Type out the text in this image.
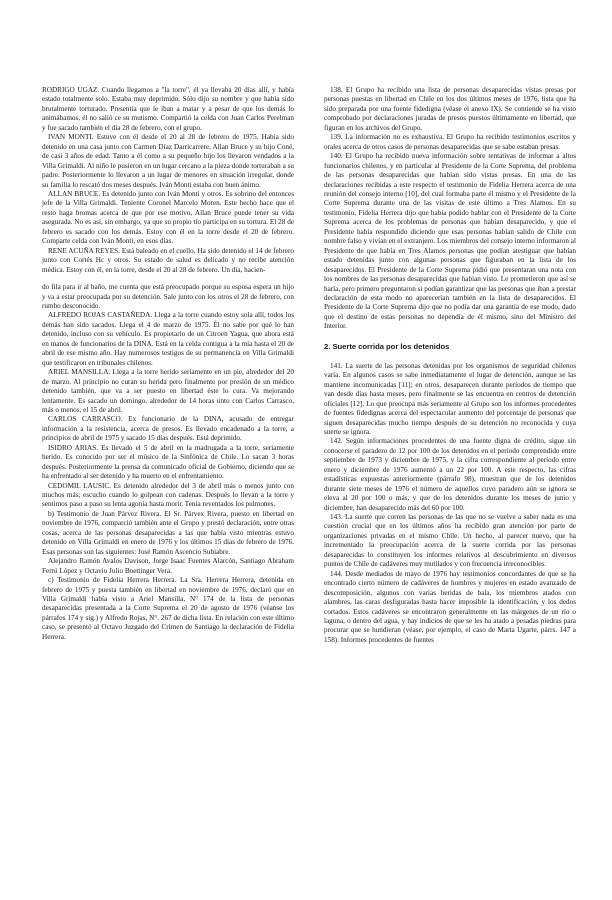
RODRIGO UGAZ. Cuando llegamos a "la torre", él ya llevaba 20 días allí, y había estado totalmente solo. Estaba muy deprimido. Sólo dijo su nombre y que había sido brutalmente torturado. Presentía que le iban a matar y a pesar de que los demás lo animábamos, él no salió ce su mutismo. Compartió la celda con Juan Carlos Perelman y fue sacado también el día 28 de febrero, con el grupo.

IVAN MONTI. Estuve con él desde el 20 al 28 de febrero de 1975. Había sido detenido en una casa junto con Carmen Díaz Darricarrere, Allan Bruce y su hijo Coné, de casi 3 años de edad. Tanto a él como a su pequeño hijo los llevaron vendados a la Villa Grimaldi. Al niño le pusieron en un lugar cercano a la pieza donde torturaban a su padre. Posteriormente lo llevaron a un lugar de menores en situación irregular, donde su familia lo rescató dos meses después. Iván Monti estaba con buen ánimo.

ALLAN BRUCE. Es detenido junto con Iván Monti y otros. Es sobrino del entonces jefe de la Villa Grimaldi. Teniente Coronel Marcelo Moren. Este hecho hace que el resto haga bromas acerca de que por ese motivo, Allan Bruce puede tener su vida asegurada. No es así, sin embargo, ya que su propio tío participa en su tortura. El 28 de febrero es sacado con los demás. Estoy con él en la torre desde el 20 de febrero. Comparte celda con Iván Monti, en esos días.

RENE ACUÑA REYES. Está baleado en el cuello. Ha sido detenido el 14 de febrero junto con Cortés Hc y otros. Su estado de salud es delicado y no recibe atención médica. Estoy con él, en la torre, desde el 20 al 28 de febrero. Un día, hacien-

do fila para ir al baño, me cuenta que está preocupado porque su esposa espera un hijo y va a estar preocupada por su detención. Sale junto con los otros el 28 de febrero, con rumbo desconocido.

ALFREDO ROJAS CASTAÑEDA. Llega a la torre cuando estoy sola allí, todos los demás han sido sacados. Llega el 4 de marzo de 1975. Él no sabe por qué lo han detenido, incluso con su vehículo. Es propietario de un Citroen Yagua, que ahora está en manos de funcionarios de la DINA. Está en la celda contigua a la mía hasta el 20 de abril de ese mismo año. Hay numerosos testigos de su permanencia en Villa Grimaldi que testificaron en tribunales chilenos.

ARIEL MANSILLA. Llega a la torre herido seriamente en un pie, alrededor del 20 de marzo. Al principio no curan su herida pero finalmente por presión de un médico detenido también, que va a ser puesto en libertad éste lo cura. Va mejorando lentamente. Es sacado un domingo, alrededor de 14 horas unto con Carlos Carrasco, más o menos, el 15 de abril.

CARLOS CARRASCO. Ex funcionario de la DINA, acusado de entregar información a la resistencia, acerca de presos. Es llevado encadenado a la torre, a principios de abril de 1975 y sacado 15 días después. Está deprimido.

ISIDRO ARIAS. Es llevado el 5 de abril en la madrugada a la torre, seriamente herido. Es conocido por ser el músico de la Sinfónica de Chile. Lo sacan 3 horas después. Posteriormente la prensa da comunicado oficial de Gobierno, diciendo que se ha enfrentado al ser detenido y ha muerto en el enfrentamiento.

CEDOMIL LAUSIC. Es detenido alrededor del 3 de abril más o menos junto con muchos más; escucho cuando lo golpean con cadenas. Después lo llevan a la torre y sentimos paso a paso su lenta agonía hasta morir. Tenía reventados los pulmones.

b) Testimonio de Juan Párvez Rivera. El Sr. Párvex Rivera, puesto en libertad en noviembre de 1976, comparció también ante el Grupo y prestó declaración, entre otras cosas, acerca de las personas desaparecidas a las que había visto mientras estuvo detenido en Villa Grimaldi en enero de 1976 y los últimos 15 días de febrero de 1976. Esas personas son las siguientes: José Ramón Ascencio Subiabre.

Alejandro Ramón Avalos Davison, Jorge Isaac Fuentes Alarcón, Santiago Abraham Ferrú López y Octavio Julio Boettinger Vera.

c) Testimonio de Fidelia Herrera Herrera. La Sra. Herrera Herrera, detenida en febrero de 1975 y puesta también en libertad en noviembre de 1976, declaró que en Villa Grimaldi había visto a Ariel Mansilla, N° 174 de la lista de personas desaparecidas presentada a la Corte Suprema el 20 de agosto de 1976 (véanse los párrafos 174 y sig.) y Alfredo Rojas, N°. 267 de dicha lista. En relación con este último caso, se presentó al Octavo Juzgado del Crimen de Santiago la declaración de Fidelia Herrera.

138. El Grupo ha recibido una lista de personas desaparecidas vistas presas por personas puestas en libertad en Chile en los dos últimos meses de 1976, lista que ha sido preparada por una fuente fidedigna (véase el anexo IX). Se contiende se ha visto comprobado por declaraciones juradas de presos puestos últimamente en libertad, que figuran en los archivos del Grupo.

139. La información no es exhaustiva. El Grupo ha recibido testimonios escritos y orales acerca de otros casos de personas desaparecidas que se sabe estaban presas.

140. El Grupo ha recibido nueva información sobre tentativas de informar a altos funcionarios chilenos, y en particular al Presidente de la Corte Suprema, del problema de las personas desaparecidas que habían sido vistas presas. En una de las declaraciones recibidas a este respecto el testimonio de Fidelia Herrera acerca de una reunión del consejo interno [10], del cual formaba parte él mismo y el Presidente de la Corte Suprema durante una de las visitas de este último a Tres Alamos. En su testimonio, Fidelia Herrera dijo que había podido hablar con el Presidente de la Corte Suprema acerca de los problemas de personas que habían desaparecido, y que el Presidente había respondido diciendo que esas personas habían salido de Chile con nombre falso y vivían en el extranjero. Los miembros del consejo interno informaron al Presidente de que había en Tres Alamos personas que podían atestiguar que habían estado detenidas junto con algunas personas que figuraban en la lista de los desaparecidos. El Presidente de la Corte Suprema pidió que presentaran una nota con los nombres de las personas desaparecidas que habían visto. Le prometieron que así se haría, pero primero preguntaron si podían garantizar que las personas que iban a prestar declaración de esta modo no aparecerían también en la lista de desaparecidos. El Presidente de la Corte Suprema dijo que no podía dar una garantía de ese modo, dado que el destino de estas personas no dependía de él mismo, sino del Ministro del Interior.

2. Suerte corrida por los detenidos

141. La suerte de las personas detenidas por los organismos de seguridad chilenos varía. En algunos casos se sabe inmediatamente el lugar de detención, aunque se las mantiene incomunicadas [11]; en otros, desaparecen durante períodos de tiempo que van desde días hasta meses, pero finalmente se las encuentra en centros de detención oficiales [12]. Lo que preocupa más seriamente al Grupo son los informes procedentes de fuentes fidedignas acerca del espectacular aumento del porcentaje de personas que siguen desaparecidas mucho tiempo después de su detención no reconocida y cuya suerte se ignora.

142. Según informaciones procedentes de una fuente digna de crédito, sigue sin conocerse el paradero de 12 por 100 de los detenidos en el período comprendido entre septiembre de 1973 y diciembre de 1975, y la cifra correspondiente al período entre enero y diciembre de 1976 aumentó a un 22 por 100. A este respecto, las cifras estadísticas expuestas anteriormente (párrafo 98), muestran que de los detenidos durante siete meses de 1976 el número de aquellos cuyo paradero aún se ignora se eleva al 20 por 100 o más, y que de los detenidos durante los meses de junio y diciembre, han desaparecido más del 60 por 100.

143. La suerte que corren las personas de las que no se vuelve a saber nada es una cuestión crucial que en los últimos años ha recibido gran atención por parte de organizaciones privadas en el mismo Chile. Un hecho, al parecer nuevo, que ha incrementado la preocupación acerca de la suerte corrida por las personas desaparecidas lo constituyen los informes relativos al descubrimiento en diversos puntos de Chile de cadáveres muy mutilados y con frecuencia irreconocibles.

144. Desde mediados de mayo de 1976 hay testimonios concordantes de que se ha encontrado cierto número de cadáveres de hombres y mujeres en estado avanzado de descomposición, algunos con varias heridas de bala, los miembros atados con alambres, las caras desfiguradas hasta hacer imposible la identificación, y los dedos cortados. Estos cadáveres se encontraron generalmente en las márgenes de un río o laguna, o dentro del agua, y hay indicios de que se les ha atado a pesadas piedras para procurar que se hundieran (véase, por ejemplo, el caso de Marta Ugarte, párrs. 147 a 158). Informes procedentes de fuentes
